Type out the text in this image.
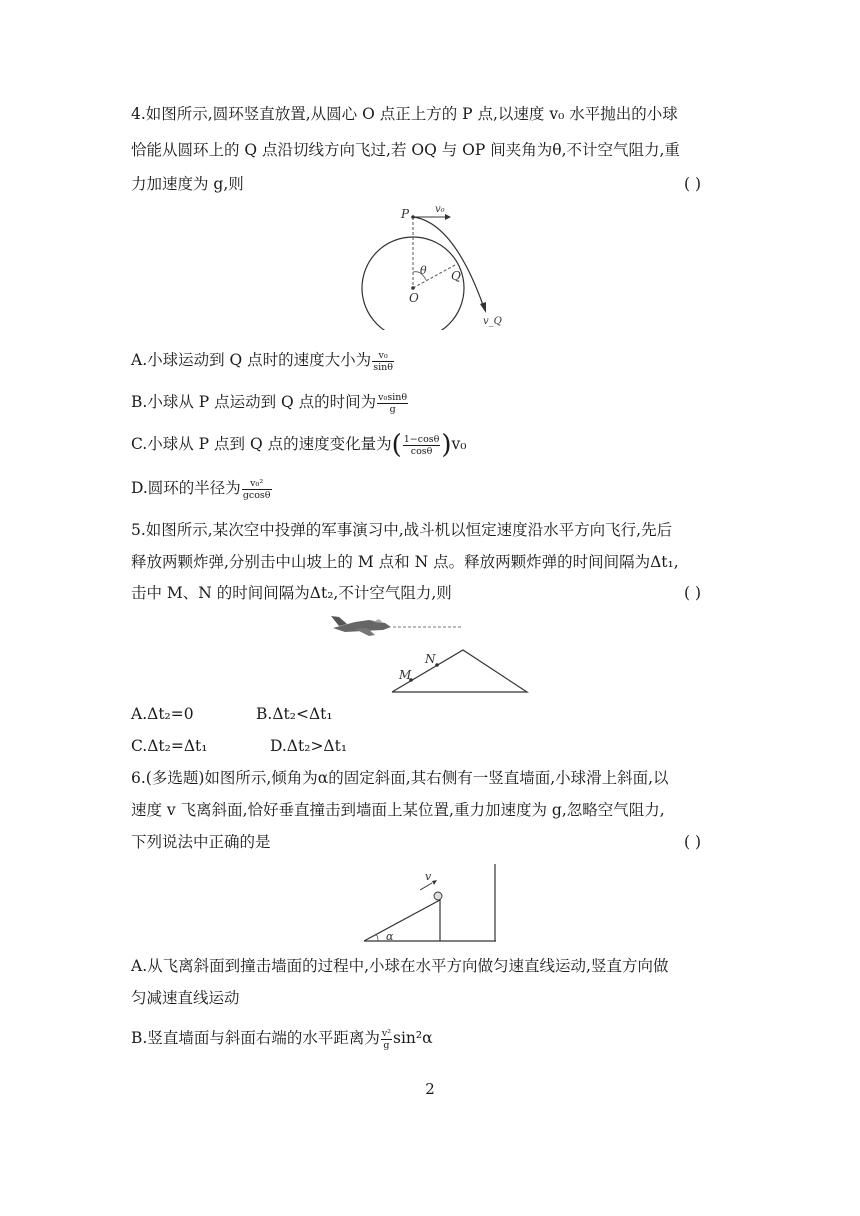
4.如图所示,圆环竖直放置,从圆心 O 点正上方的 P 点,以速度 v₀ 水平抛出的小球
恰能从圆环上的 Q 点沿切线方向飞过,若 OQ 与 OP 间夹角为θ,不计空气阻力,重
力加速度为 g,则	( )
P	v₀
θ Q
O
v_Q
A.小球运动到 Q 点时的速度大小为 $\frac{\text{v₀}}{\sin\theta}$
B.小球从 P 点运动到 Q 点的时间为 $\frac{\text{v₀sinθ}}{g}$
C.小球从 P 点到 Q 点的速度变化量为( $\frac{1-\cos\theta}{\cos\theta} )v_0$
D.圆环的半径为 $\frac{\text{v₀²}}{gcos\theta}$
5.如图所示,某次空中投弹的军事演习中,战斗机以恒定速度沿水平方向飞行,先后
释放两颗炸弹,分别击中山坡上的 M 点和 N 点。释放两颗炸弹的时间间隔为Δt₁,
击中 M、N 的时间间隔为Δt₂,不计空气阻力,则	( )
M
N
A.Δt₂=0	B.Δt₂<Δt₁
C.Δt₂=Δt₁	D.Δt₂>Δt₁
6.(多选题)如图所示,倾角为α的固定斜面,其右侧有一竖直墙面,小球滑上斜面,以
速度 v 飞离斜面,恰好垂直撞击到墙面上某位置,重力加速度为 g,忽略空气阻力,
下列说法中正确的是	( )
v
α
A.从飞离斜面到撞击墙面的过程中,小球在水平方向做匀速直线运动,竖直方向做
匀减速直线运动
B.竖直墙面与斜面右端的水平距离为 $\frac{\text{v²}}{g} \sin^2\alpha$
2
